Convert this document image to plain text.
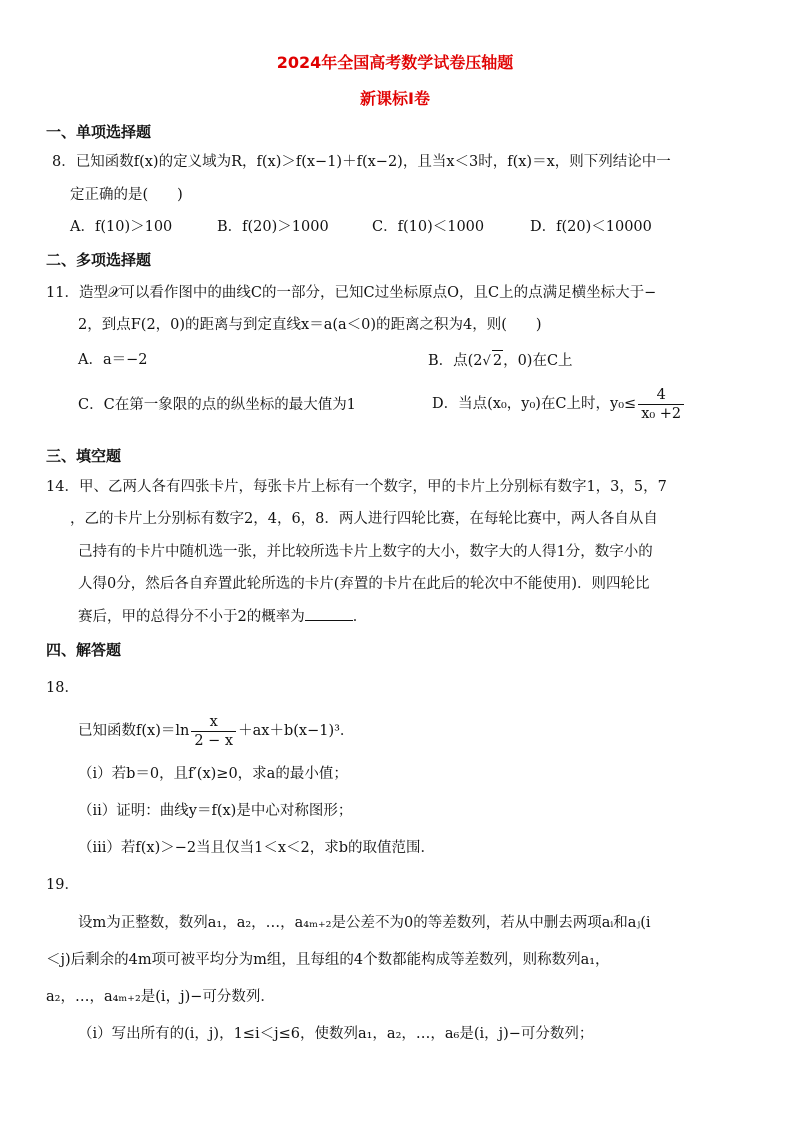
2024年全国高考数学试卷压轴题
新课标Ⅰ卷
一、单项选择题
8．已知函数f(x)的定义域为R，f(x)＞f(x−1)＋f(x−2)，且当x＜3时，f(x)＝x，则下列结论中一
定正确的是(　　)
A．f(10)＞100	B．f(20)＞1000	C．f(10)＜1000	D．f(20)＜10000
二、多项选择题
11．造型𝒳可以看作图中的曲线C的一部分，已知C过坐标原点O，且C上的点满足横坐标大于−
2，到点F(2，0)的距离与到定直线x＝a(a＜0)的距离之积为4，则(　　)
A．a＝−2	B．点(2√ 2，0)在C上
C．C在第一象限的点的纵坐标的最大值为1	D．当点(x₀，y₀)在C上时，$y_0\le \frac{4}{\text{x₀ +2}}$
三、填空题
14．甲、乙两人各有四张卡片，每张卡片上标有一个数字，甲的卡片上分别标有数字1，3，5，7
，乙的卡片上分别标有数字2，4，6，8．两人进行四轮比赛，在每轮比赛中，两人各自从自
己持有的卡片中随机选一张，并比较所选卡片上数字的大小，数字大的人得1分，数字小的
人得0分，然后各自弃置此轮所选的卡片(弃置的卡片在此后的轮次中不能使用)．则四轮比
赛后，甲的总得分不小于2的概率为	．
四、解答题
18．
已知函数$f(x)=\ln \frac{x}{2 - x} +ax+b(x-1)^3$．
（ⅰ）若b＝0，且f′(x)≥0，求a的最小值；
（ⅱ）证明：曲线y＝f(x)是中心对称图形；
（ⅲ）若f(x)＞−2当且仅当1＜x＜2，求b的取值范围．
19．
设m为正整数，数列a₁，a₂，…，a₄ₘ₊₂是公差不为0的等差数列，若从中删去两项aᵢ和aⱼ(i
＜j)后剩余的4m项可被平均分为m组，且每组的4个数都能构成等差数列，则称数列a₁，
a₂，…，a₄ₘ₊₂是(i，j)−可分数列．
（ⅰ）写出所有的(i，j)，1≤i＜j≤6，使数列a₁，a₂，…，a₆是(i，j)−可分数列；
